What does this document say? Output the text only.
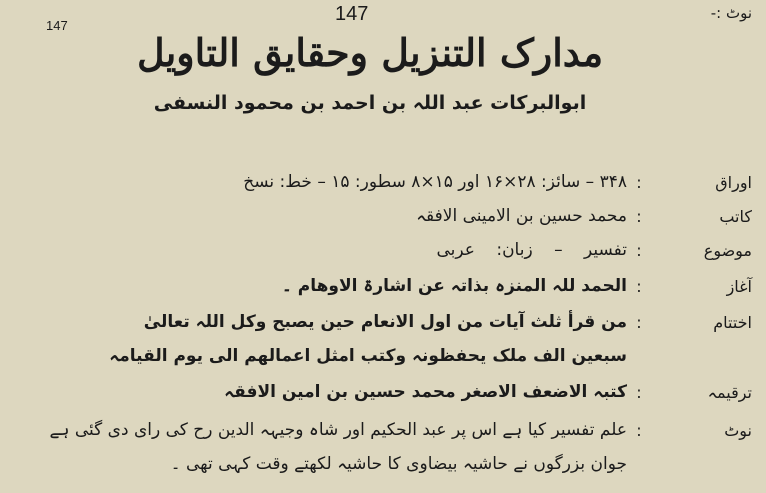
نوٹ :-
147
147
مدارک التنزیل وحقایق التاویل
ابوالبرکات عبد اللہ بن احمد بن محمود النسفی
اوراق
:
۳۴۸ – سائز: ۲۸×۱۶ اور ۱۵×۸ سطور: ۱۵ – خط: نسخ
کاتب
:
محمد حسین بن الامینی الافقہ
موضوع
:
تفسیر – زبان: عربی
آغاز
:
الحمد للہ المنزہ بذاتہ عن اشارۃ الاوھام ۔
اختتام
:
من قرأ ثلث آیات من اول الانعام حین یصبح وکل اللہ تعالیٰ
سبعین الف ملک یحفظونہ وکتب امثل اعمالھم الی یوم القیامہ
ترقیمہ
:
کتبہ الاضعف الاصغر محمد حسین بن امین الافقہ
نوٹ
:
علم تفسیر کیا ہے اس پر عبد الحکیم اور شاہ وجیہہ الدین رح کی رای دی گئی ہے
جوان بزرگوں نے حاشیہ بیضاوی کا حاشیہ لکھتے وقت کہی تھی ۔
